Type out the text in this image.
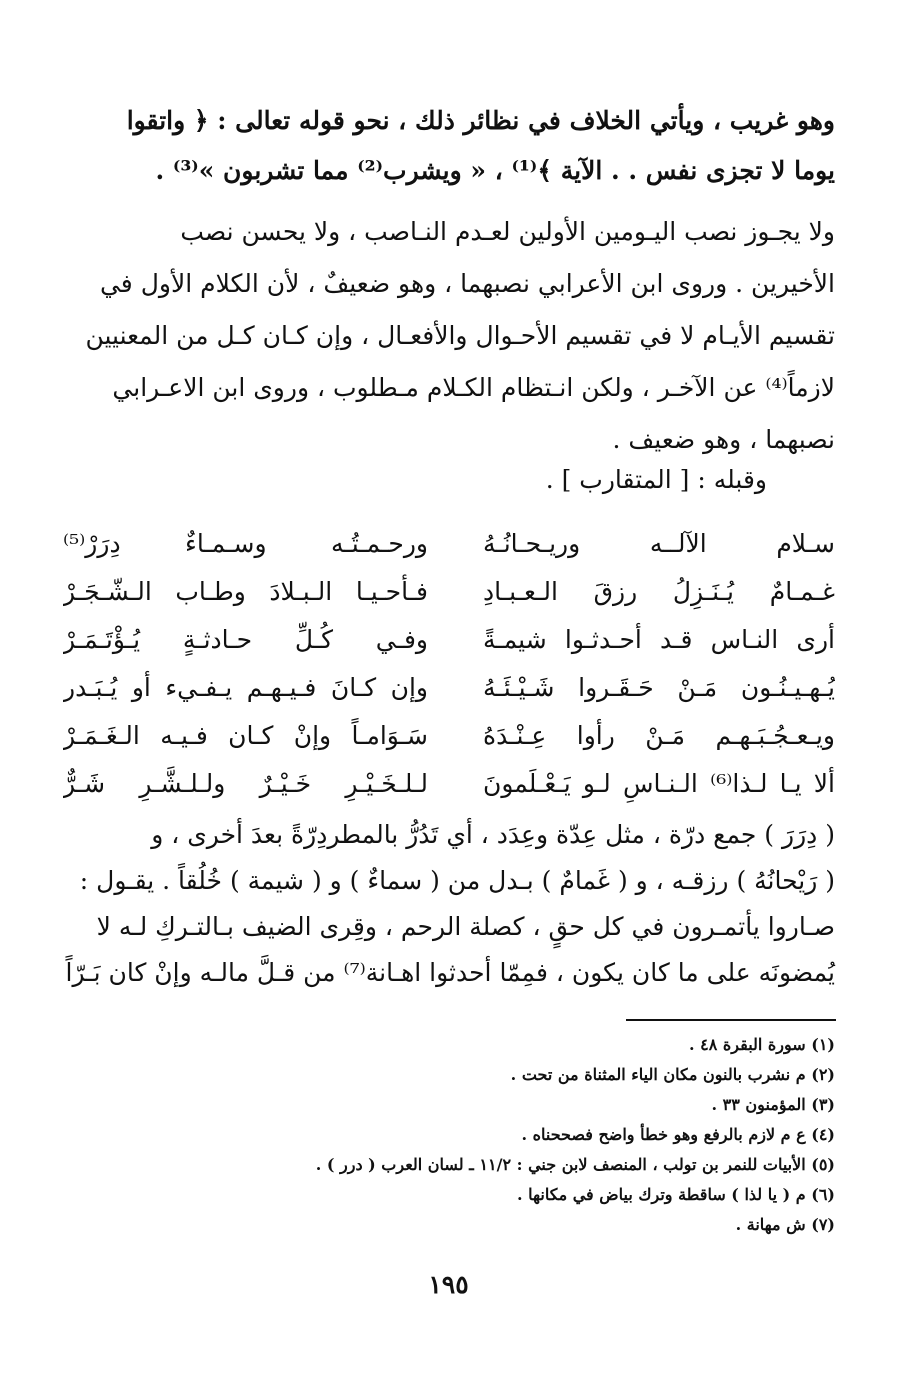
وهو غريب ، ويأتي الخلاف في نظائر ذلك ، نحو قوله تعالى : ﴿ واتقوا

يوما لا تجزى نفس . . الآية ﴾⁽¹⁾ ، « ويشرب⁽²⁾ مما تشربون »⁽³⁾ .

ولا يجـوز نصب اليـومين الأولين لعـدم النـاصب ، ولا يحسن نصب

الأخيرين . وروى ابن الأعرابي نصبهما ، وهو ضعيفٌ ، لأن الكلام الأول في

تقسيم الأيـام لا في تقسيم الأحـوال والأفعـال ، وإن كـان كـل من المعنيين

لازماً⁽⁴⁾ عن الآخـر ، ولكن انـتظام الكـلام مـطلوب ، وروى ابن الاعـرابي

نصبهما ، وهو ضعيف .

وقبله : [ المتقارب ] .
سـلام الآلــه وريـحـانُـهُ
ورحـمـتُـه وسـمـاءٌ دِرَرْ⁽⁵⁾
غـمـامٌ يُـنَـزِلُ رزقَ الـعـبـادِ
فـأحـيـا الـبـلادَ وطـاب الـشّـجَـرْ
أرى النـاس قـد أحـدثـوا شيمـةً
وفـي كُـلِّ حـادثـةٍ يُـؤْتَـمَـرْ
يُـهـيـنُـون مَـنْ حَـقَـروا شَـيْـئَـهُ
وإن كـانَ فـيـهـم يـفـيء أو يُـبَـدر
ويـعـجُـبَـهـم مَـنْ رأوا عِـنْـدَهُ
سَـوَامـاً وإنْ كـان فـيـه الـغَـمَـرْ
ألا يـا لـذا⁽⁶⁾ الـنـاسِ لـو يَـعْـلَمونَ
لـلـخَـيْـرِ خَـيْـرٌ ولـلـشَّـرِ شَـرٌّ

( دِرَرَ ) جمع درّة ، مثل عِدّة وعِدَد ، أي تَدُرُّ بالمطردِرّةً بعدَ أخرى ، و

( رَيْحانُهُ ) رزقـه ، و ( غَمامٌ ) بـدل من ( سماءٌ ) و ( شيمة ) خُلُقاً . يقـول :

صـاروا يأتمـرون في كل حقٍ ، كصلة الرحم ، وقِرى الضيف بـالتـركِ لـه لا

يُمضونَه على ما كان يكون ، فمِمّا أحدثوا اهـانة⁽⁷⁾ من قـلَّ مالـه وإنْ كان بَـرّاً

(١) سورة البقرة ٤٨ .

(٢) م نشرب بالنون مكان الياء المثناة من تحت .

(٣) المؤمنون ٣٣ .

(٤) ع م لازم بالرفع وهو خطأ واضح فصححناه .

(٥) الأبيات للنمر بن تولب ، المنصف لابن جني : ١١/٢ ـ لسان العرب ( درر ) .

(٦) م ( يا لذا ) ساقطة وترك بياض في مكانها .

(٧) ش مهانة .

١٩٥
